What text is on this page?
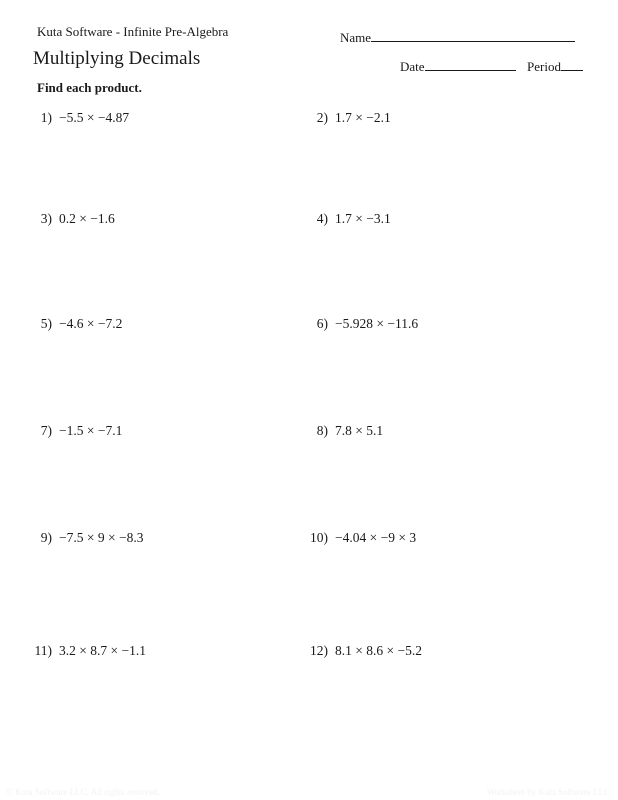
Kuta Software - Infinite Pre-Algebra	Name
Multiplying Decimals	Date	Period
Find each product.
1) −5.5 × −4.87	2) 1.7 × −2.1
3) 0.2 × −1.6	4) 1.7 × −3.1
5) −4.6 × −7.2	6) −5.928 × −11.6
7) −1.5 × −7.1	8) 7.8 × 5.1
9) −7.5 × 9 × −8.3	10) −4.04 × −9 × 3
11) 3.2 × 8.7 × −1.1	12) 8.1 × 8.6 × −5.2
© Kuta Software LLC. All rights reserved.	Worksheet by Kuta Software LLC
